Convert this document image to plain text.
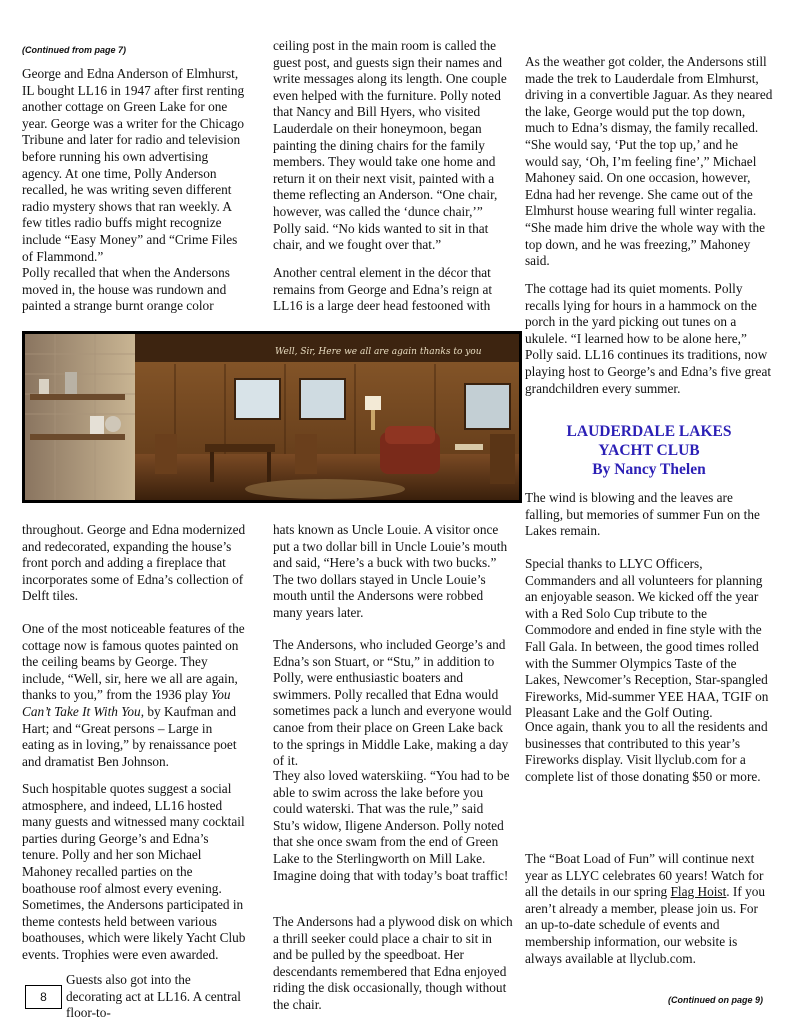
(Continued from page 7)

George and Edna Anderson of Elmhurst, IL bought LL16 in 1947 after first renting another cottage on Green Lake for one year. George was a writer for the Chicago Tribune and later for radio and television before running his own advertising agency. At one time, Polly Anderson recalled, he was writing seven different radio mystery shows that ran weekly. A few titles radio buffs might recognize include “Easy Money” and “Crime Files of Flammond.”

Polly recalled that when the Andersons moved in, the house was rundown and painted a strange burnt orange color

throughout. George and Edna modernized and redecorated, expanding the house’s front porch and adding a fireplace that incorporates some of Edna’s collection of Delft tiles.

One of the most noticeable features of the cottage now is famous quotes painted on the ceiling beams by George. They include, “Well, sir, here we all are again, thanks to you,” from the 1936 play You Can’t Take It With You, by Kaufman and Hart; and “Great persons – Large in eating as in loving,” by renaissance poet and dramatist Ben Johnson.

Such hospitable quotes suggest a social atmosphere, and indeed, LL16 hosted many guests and witnessed many cocktail parties during George’s and Edna’s tenure. Polly and her son Michael Mahoney recalled parties on the boathouse roof almost every evening. Sometimes, the Andersons participated in theme contests held between various boathouses, which were likely Yacht Club events. Trophies were even awarded.

8

Guests also got into the decorating act at LL16. A central floor-to-

ceiling post in the main room is called the guest post, and guests sign their names and write messages along its length. One couple even helped with the furniture. Polly noted that Nancy and Bill Hyers, who visited Lauderdale on their honeymoon, began painting the dining chairs for the family members. They would take one home and return it on their next visit, painted with a theme reflecting an Anderson. “One chair, however, was called the ‘dunce chair,’” Polly said. “No kids wanted to sit in that chair, and we fought over that.”

Another central element in the décor that remains from George and Edna’s reign at LL16 is a large deer head festooned with

hats known as Uncle Louie. A visitor once put a two dollar bill in Uncle Louie’s mouth and said, “Here’s a buck with two bucks.” The two dollars stayed in Uncle Louie’s mouth until the Andersons were robbed many years later.

The Andersons, who included George’s and Edna’s son Stuart, or “Stu,” in addition to Polly, were enthusiastic boaters and swimmers. Polly recalled that Edna would sometimes pack a lunch and everyone would canoe from their place on Green Lake back to the springs in Middle Lake, making a day of it.

They also loved waterskiing. “You had to be able to swim across the lake before you could waterski. That was the rule,” said Stu’s widow, Iligene Anderson. Polly noted that she once swam from the end of Green Lake to the Sterlingworth on Mill Lake. Imagine doing that with today’s boat traffic!

The Andersons had a plywood disk on which a thrill seeker could place a chair to sit in and be pulled by the speedboat. Her descendants remembered that Edna enjoyed riding the disk occasionally, though without the chair.

As the weather got colder, the Andersons still made the trek to Lauderdale from Elmhurst, driving in a convertible Jaguar. As they neared the lake, George would put the top down, much to Edna’s dismay, the family recalled. “She would say, ‘Put the top up,’ and he would say, ‘Oh, I’m feeling fine’,” Michael Mahoney said. On one occasion, however, Edna had her revenge. She came out of the Elmhurst house wearing full winter regalia. “She made him drive the whole way with the top down, and he was freezing,” Mahoney said.

The cottage had its quiet moments. Polly recalls lying for hours in a hammock on the porch in the yard picking out tunes on a ukulele. “I learned how to be alone here,” Polly said. LL16 continues its traditions, now playing host to George’s and Edna’s five great grandchildren every summer.

LAUDERDALE LAKES
YACHT CLUB
By Nancy Thelen

The wind is blowing and the leaves are falling, but memories of summer Fun on the Lakes remain.

Special thanks to LLYC Officers, Commanders and all volunteers for planning an enjoyable season. We kicked off the year with a Red Solo Cup tribute to the Commodore and ended in fine style with the Fall Gala. In between, the good times rolled with the Summer Olympics Taste of the Lakes, Newcomer’s Reception, Star-spangled Fireworks, Mid-summer YEE HAA, TGIF on Pleasant Lake and the Golf Outing.

Once again, thank you to all the residents and businesses that contributed to this year’s Fireworks display. Visit llyclub.com for a complete list of those donating $50 or more.

The “Boat Load of Fun” will continue next year as LLYC celebrates 60 years! Watch for all the details in our spring Flag Hoist. If you aren’t already a member, please join us. For an up-to-date schedule of events and membership information, our website is always available at llyclub.com.

(Continued on page 9)
Well, Sir, Here we all are again thanks to you
